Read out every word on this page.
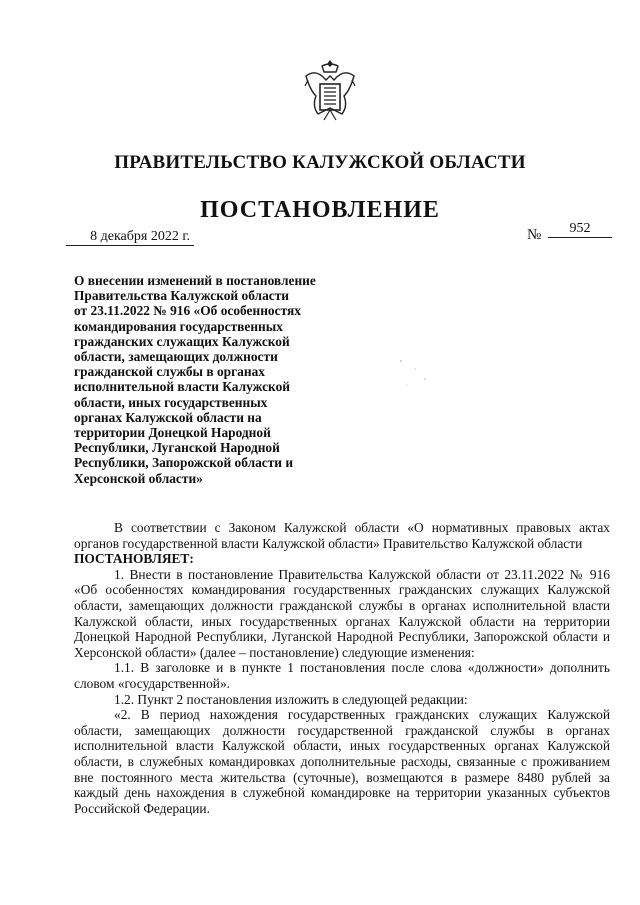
ПРАВИТЕЛЬСТВО КАЛУЖСКОЙ ОБЛАСТИ
ПОСТАНОВЛЕНИЕ
8 декабря 2022 г.	№	952
О внесении изменений в постановление
Правительства Калужской области
от 23.11.2022 № 916 «Об особенностях
командирования государственных
гражданских служащих Калужской
области, замещающих должности
гражданской службы в органах
исполнительной власти Калужской
области, иных государственных
органах Калужской области на
территории Донецкой Народной
Республики, Луганской Народной
Республики, Запорожской области и
Херсонской области»

В соответствии с Законом Калужской области «О нормативных правовых актах органов государственной власти Калужской области» Правительство Калужской области

ПОСТАНОВЛЯЕТ:

1. Внести в постановление Правительства Калужской области от 23.11.2022 № 916 «Об особенностях командирования государственных гражданских служащих Калужской области, замещающих должности гражданской службы в органах исполнительной власти Калужской области, иных государственных органах Калужской области на территории Донецкой Народной Республики, Луганской Народной Республики, Запорожской области и Херсонской области» (далее – постановление) следующие изменения:

1.1. В заголовке и в пункте 1 постановления после слова «должности» дополнить словом «государственной».

1.2. Пункт 2 постановления изложить в следующей редакции:

«2. В период нахождения государственных гражданских служащих Калужской области, замещающих должности государственной гражданской службы в органах исполнительной власти Калужской области, иных государственных органах Калужской области, в служебных командировках дополнительные расходы, связанные с проживанием вне постоянного места жительства (суточные), возмещаются в размере 8480 рублей за каждый день нахождения в служебной командировке на территории указанных субъектов Российской Федерации.
